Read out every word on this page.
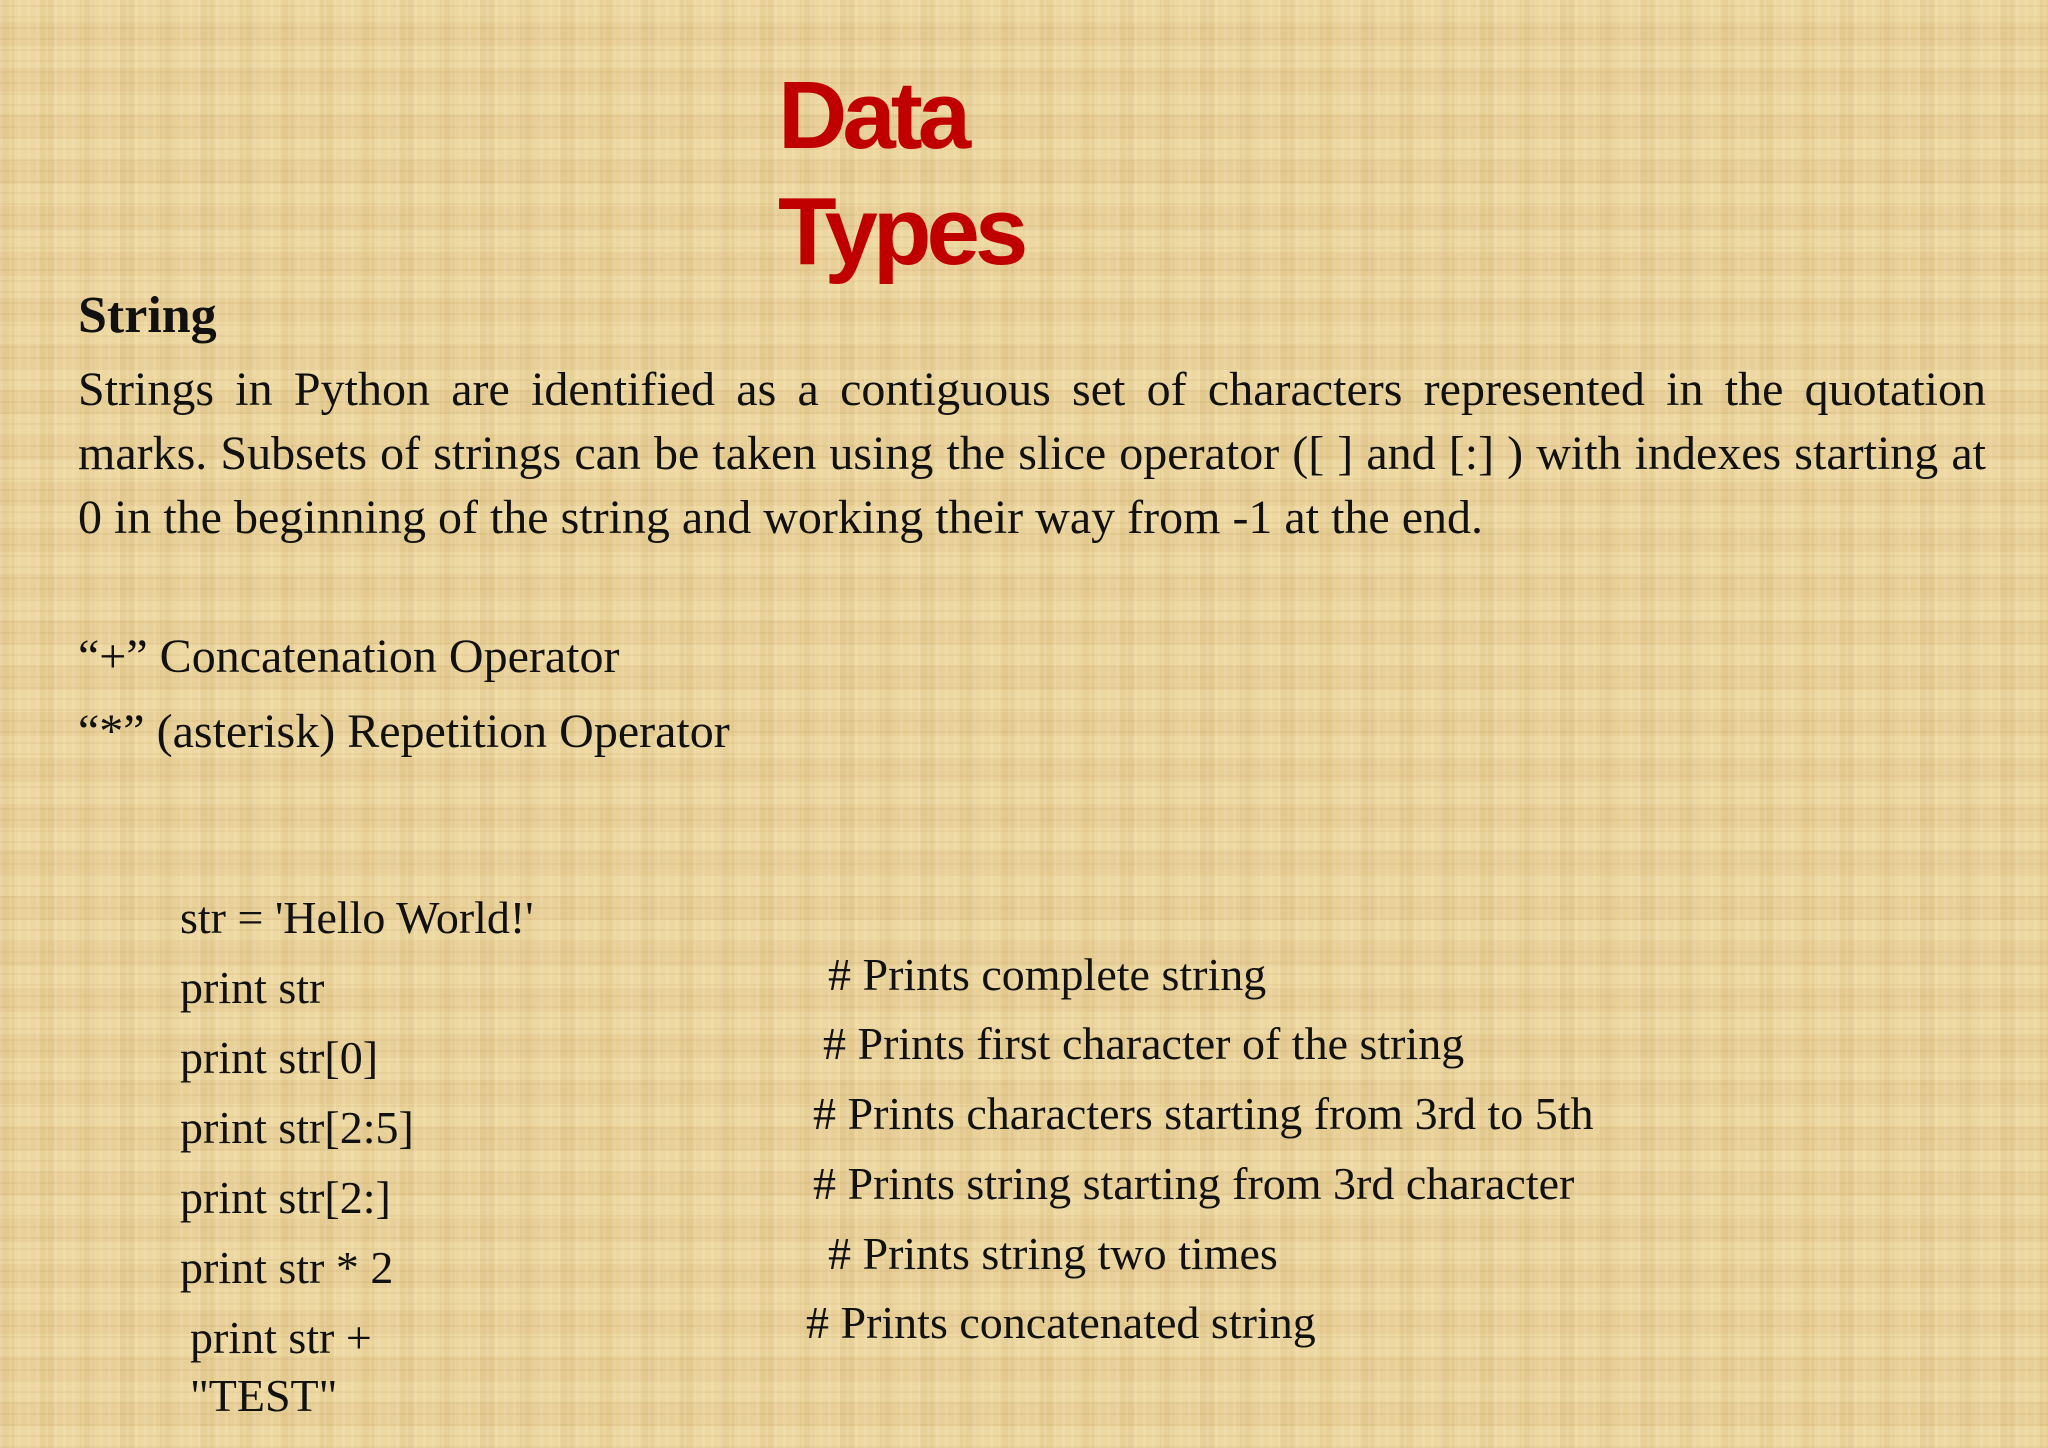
Data
Types
String

Strings in Python are identified as a contiguous set of characters represented in the quotation marks. Subsets of strings can be taken using the slice operator ([ ] and [:] ) with indexes starting at 0 in the beginning of the string and working their way from -1 at the end.

“+” Concatenation Operator

“*” (asterisk) Repetition Operator

str = 'Hello World!'

print str

print str[0]

print str[2:5]

print str[2:]

print str * 2

print str + "TEST"

# Prints complete string

# Prints first character of the string

# Prints characters starting from 3rd to 5th

# Prints string starting from 3rd character

# Prints string two times

# Prints concatenated string
